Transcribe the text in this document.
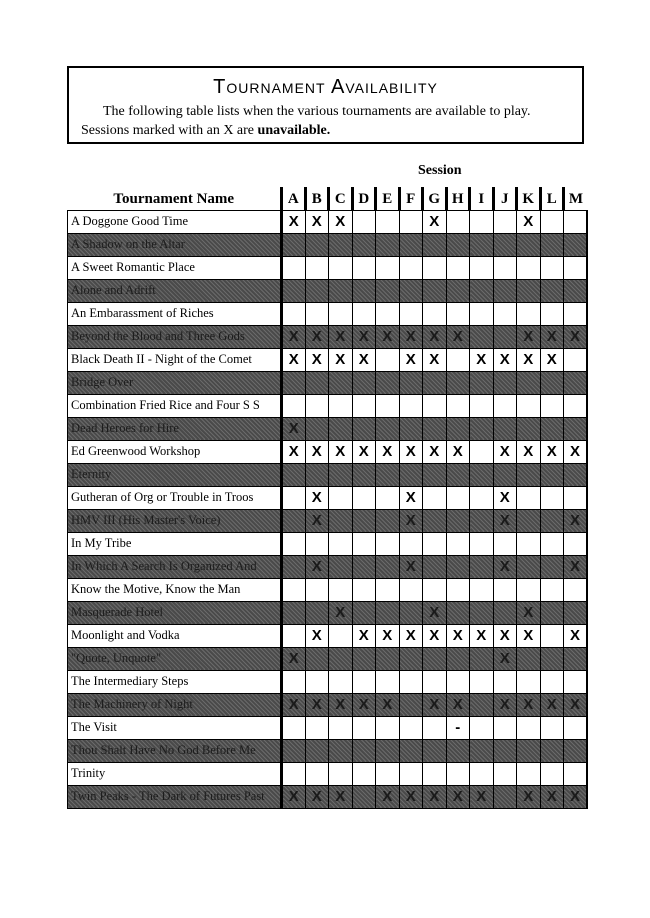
Tournament Availability

The following table lists when the various tournaments are available to play.
Sessions marked with an X are unavailable.

Session
Tournament Name	A	B	C	D	E	F	G	H	I	J	K	L	M
A Doggone Good Time	X	X	X				X				X		
A Shadow on the Altar													
A Sweet Romantic Place													
Alone and Adrift													
An Embarassment of Riches													
Beyond the Blood and Three Gods	X	X	X	X	X	X	X	X			X	X	X
Black Death II - Night of the Comet	X	X	X	X		X	X		X	X	X	X	
Bridge Over													
Combination Fried Rice and Four S S													
Dead Heroes for Hire	X												
Ed Greenwood Workshop	X	X	X	X	X	X	X	X		X	X	X	X
Eternity													
Gutheran of Org or Trouble in Troos		X				X				X			
HMV III (His Master's Voice)		X				X				X			X
In My Tribe													
In Which A Search Is Organized And		X				X				X			X
Know the Motive, Know the Man													
Masquerade Hotel			X				X				X		
Moonlight and Vodka		X		X	X	X	X	X	X	X	X		X
"Quote, Unquote"	X									X			
The Intermediary Steps													
The Machinery of Night	X	X	X	X	X		X	X		X	X	X	X
The Visit								-					
Thou Shalt Have No God Before Me													
Trinity													
Twin Peaks - The Dark of Futures Past	X	X	X		X	X	X	X	X		X	X	X
